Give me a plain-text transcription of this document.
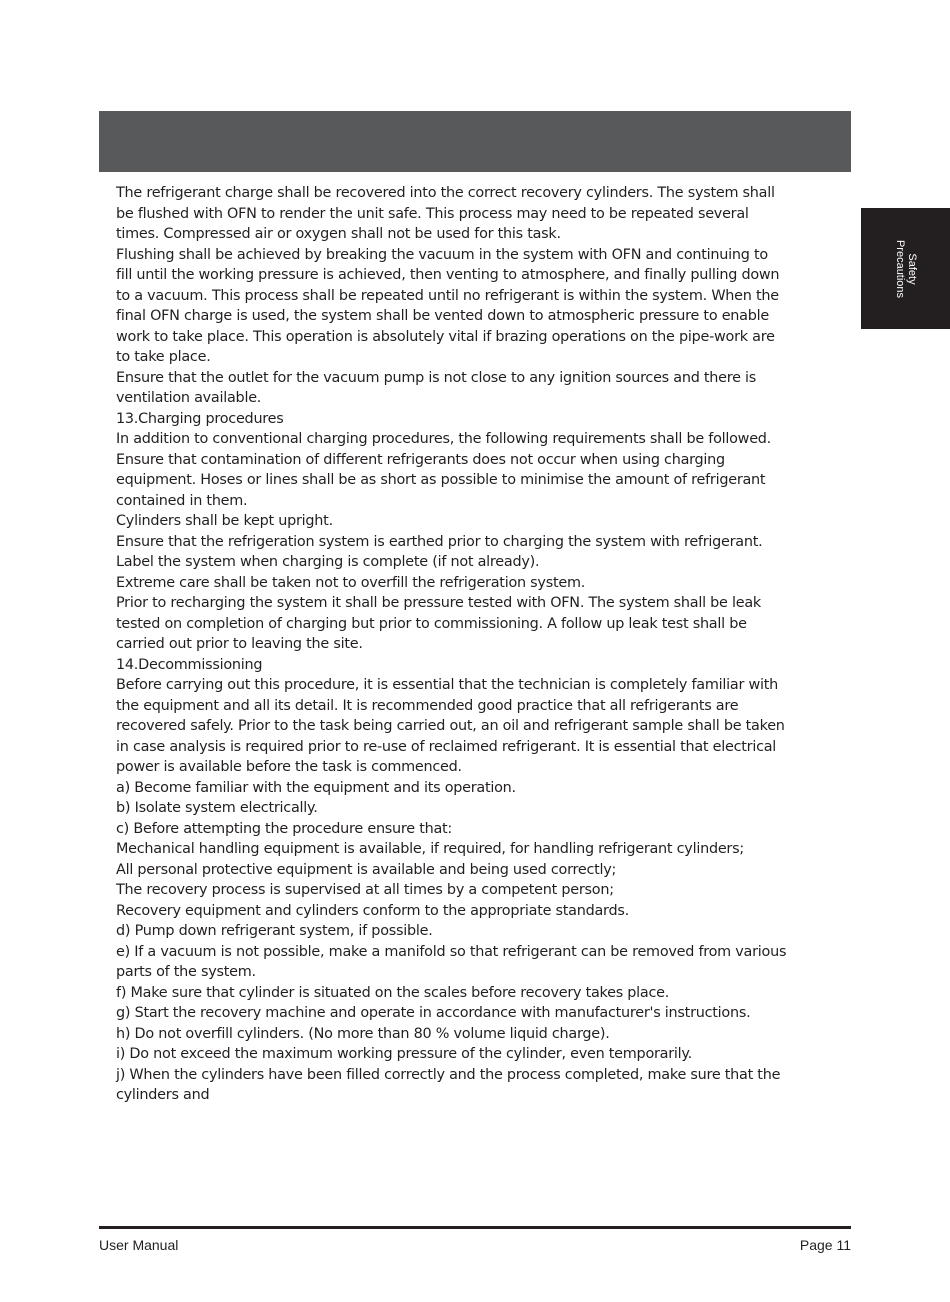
Safety
Precautions
The refrigerant charge shall be recovered into the correct recovery cylinders. The system shall
be flushed with OFN to render the unit safe. This process may need to be repeated several
times. Compressed air or oxygen shall not be used for this task.
Flushing shall be achieved by breaking the vacuum in the system with OFN and continuing to
fill until the working pressure is achieved, then venting to atmosphere, and finally pulling down
to a vacuum. This process shall be repeated until no refrigerant is within the system. When the
final OFN charge is used, the system shall be vented down to atmospheric pressure to enable
work to take place. This operation is absolutely vital if brazing operations on the pipe-work are
to take place.
Ensure that the outlet for the vacuum pump is not close to any ignition sources and there is
ventilation available.
13.Charging procedures
In addition to conventional charging procedures, the following requirements shall be followed.
Ensure that contamination of different refrigerants does not occur when using charging
equipment. Hoses or lines shall be as short as possible to minimise the amount of refrigerant
contained in them.
Cylinders shall be kept upright.
Ensure that the refrigeration system is earthed prior to charging the system with refrigerant.
Label the system when charging is complete (if not already).
Extreme care shall be taken not to overfill the refrigeration system.
Prior to recharging the system it shall be pressure tested with OFN. The system shall be leak
tested on completion of charging but prior to commissioning. A follow up leak test shall be
carried out prior to leaving the site.
14.Decommissioning
Before carrying out this procedure, it is essential that the technician is completely familiar with
the equipment and all its detail. It is recommended good practice that all refrigerants are
recovered safely. Prior to the task being carried out, an oil and refrigerant sample shall be taken
in case analysis is required prior to re-use of reclaimed refrigerant. It is essential that electrical
power is available before the task is commenced.
a) Become familiar with the equipment and its operation.
b) Isolate system electrically.
c) Before attempting the procedure ensure that:
Mechanical handling equipment is available, if required, for handling refrigerant cylinders;
All personal protective equipment is available and being used correctly;
The recovery process is supervised at all times by a competent person;
Recovery equipment and cylinders conform to the appropriate standards.
d) Pump down refrigerant system, if possible.
e) If a vacuum is not possible, make a manifold so that refrigerant can be removed from various
parts of the system.
f) Make sure that cylinder is situated on the scales before recovery takes place.
g) Start the recovery machine and operate in accordance with manufacturer's instructions.
h) Do not overfill cylinders. (No more than 80 % volume liquid charge).
i) Do not exceed the maximum working pressure of the cylinder, even temporarily.
j) When the cylinders have been filled correctly and the process completed, make sure that the
cylinders and
User Manual	Page 11
